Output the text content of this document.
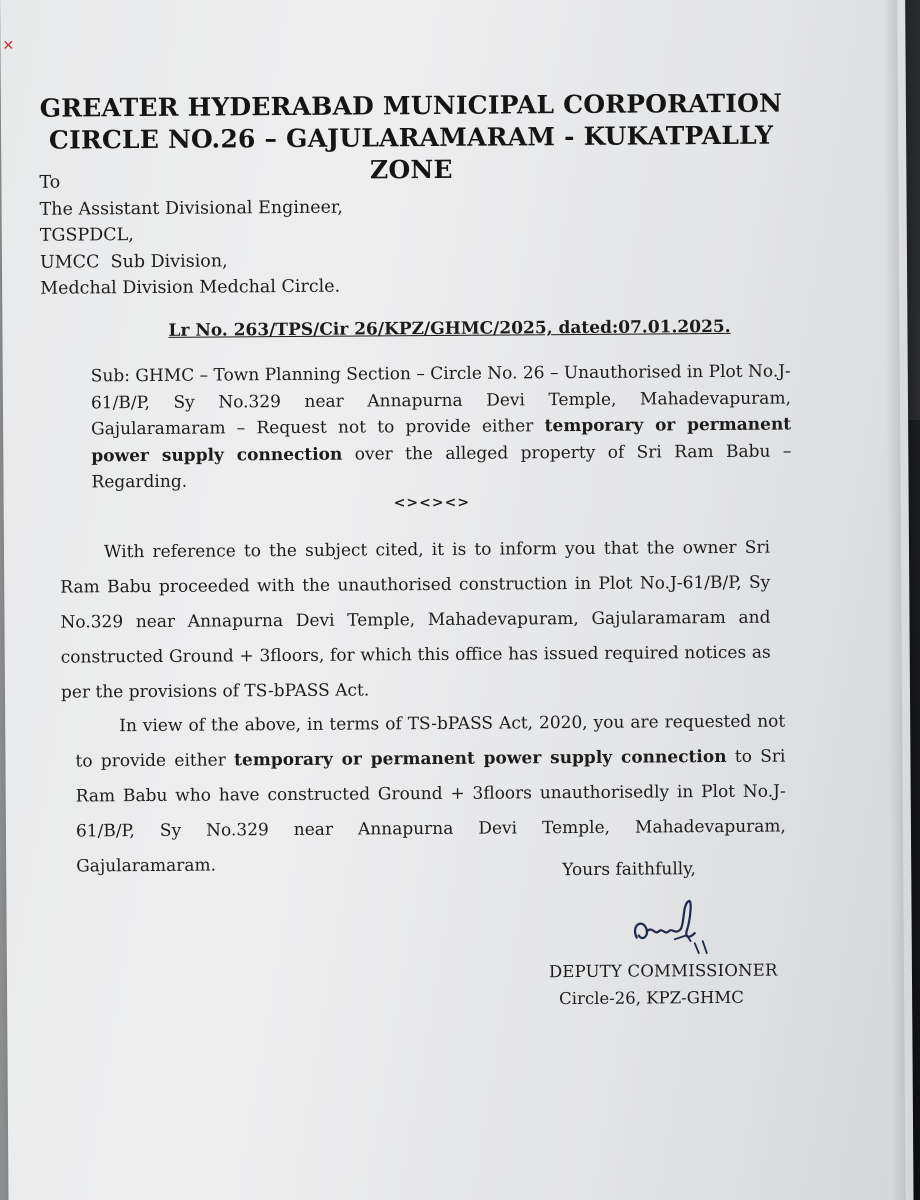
✕
GREATER HYDERABAD MUNICIPAL CORPORATION
CIRCLE NO.26 – GAJULARAMARAM - KUKATPALLY ZONE
To
The Assistant Divisional Engineer,
TGSPDCL,
UMCC  Sub Division,
Medchal Division Medchal Circle.
Lr No. 263/TPS/Cir 26/KPZ/GHMC/2025, dated:07.01.2025.
Sub: GHMC – Town Planning Section – Circle No. 26 – Unauthorised in Plot No.J-61/B/P, Sy No.329 near Annapurna Devi Temple, Mahadevapuram, Gajularamaram – Request not to provide either temporary or permanent power supply connection over the alleged property of Sri Ram Babu – Regarding.
<><><>
With reference to the subject cited, it is to inform you that the owner Sri Ram Babu proceeded with the unauthorised construction in Plot No.J-61/B/P, Sy No.329 near Annapurna Devi Temple, Mahadevapuram, Gajularamaram and constructed Ground + 3floors, for which this office has issued required notices as per the provisions of TS-bPASS Act.
In view of the above, in terms of TS-bPASS Act, 2020, you are requested not to provide either temporary or permanent power supply connection to Sri Ram Babu who have constructed Ground + 3floors unauthorisedly in Plot No.J-61/B/P, Sy No.329 near Annapurna Devi Temple, Mahadevapuram, Gajularamaram.	Yours faithfully,
DEPUTY COMMISSIONER
Circle-26, KPZ-GHMC
